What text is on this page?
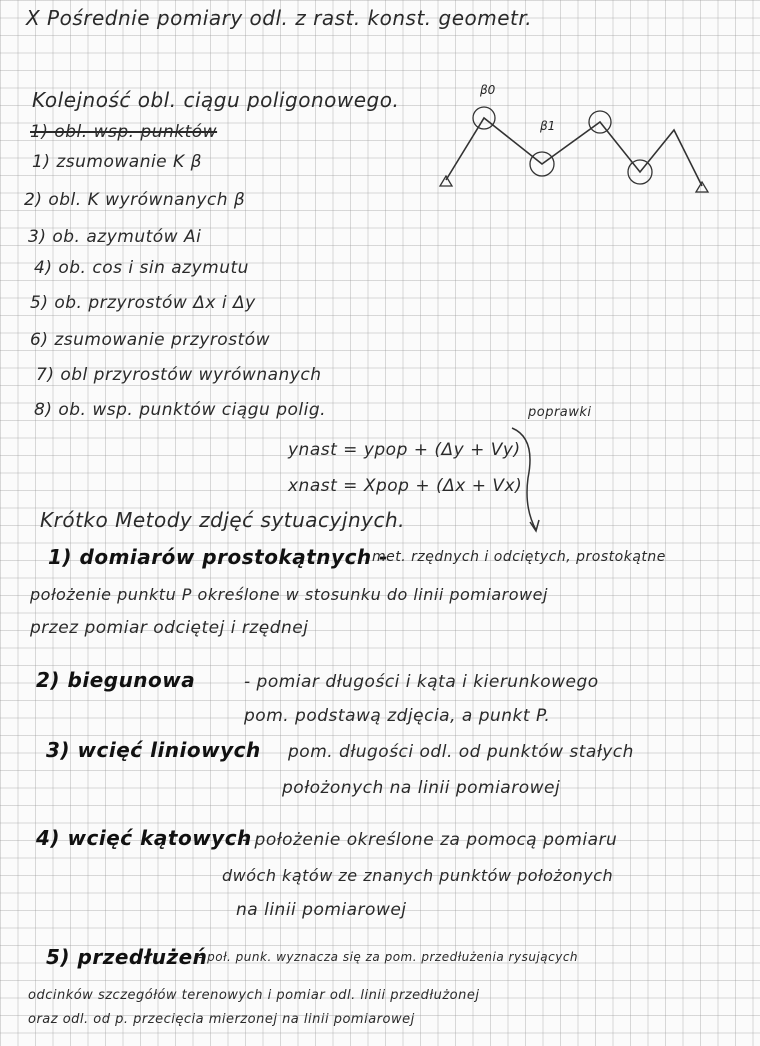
X Pośrednie pomiary odl. z rast. konst. geometr.
Kolejność obl. ciągu poligonowego.
1) obl. wsp. punktów
1) zsumowanie K β
2) obl. K wyrównanych β
3) ob. azymutów Ai
4) ob. cos i sin azymutu
5) ob. przyrostów Δx i Δy
6) zsumowanie przyrostów
7) obl przyrostów wyrównanych
8) ob. wsp. punktów ciągu polig.
ynast = ypop + (Δy + Vy)
xnast = Xpop + (Δx + Vx)
poprawki
β0
β1
Krótko Metody zdjęć sytuacyjnych.
1) domiarów prostokątnych -
met. rzędnych i odciętych, prostokątne
położenie punktu P określone w stosunku do linii pomiarowej
przez pomiar odciętej i rzędnej
2) biegunowa	- pomiar długości i kąta i kierunkowego
pom. podstawą zdjęcia, a punkt P.
3) wcięć liniowych pom. długości odl. od punktów stałych
położonych na linii pomiarowej
4) wcięć kątowych
- położenie określone za pomocą pomiaru
dwóch kątów ze znanych punktów położonych
na linii pomiarowej
5) przedłużeń
- poł. punk. wyznacza się za pom. przedłużenia rysujących
odcinków szczegółów terenowych i pomiar odl. linii przedłużonej
oraz odl. od p. przecięcia mierzonej na linii pomiarowej
